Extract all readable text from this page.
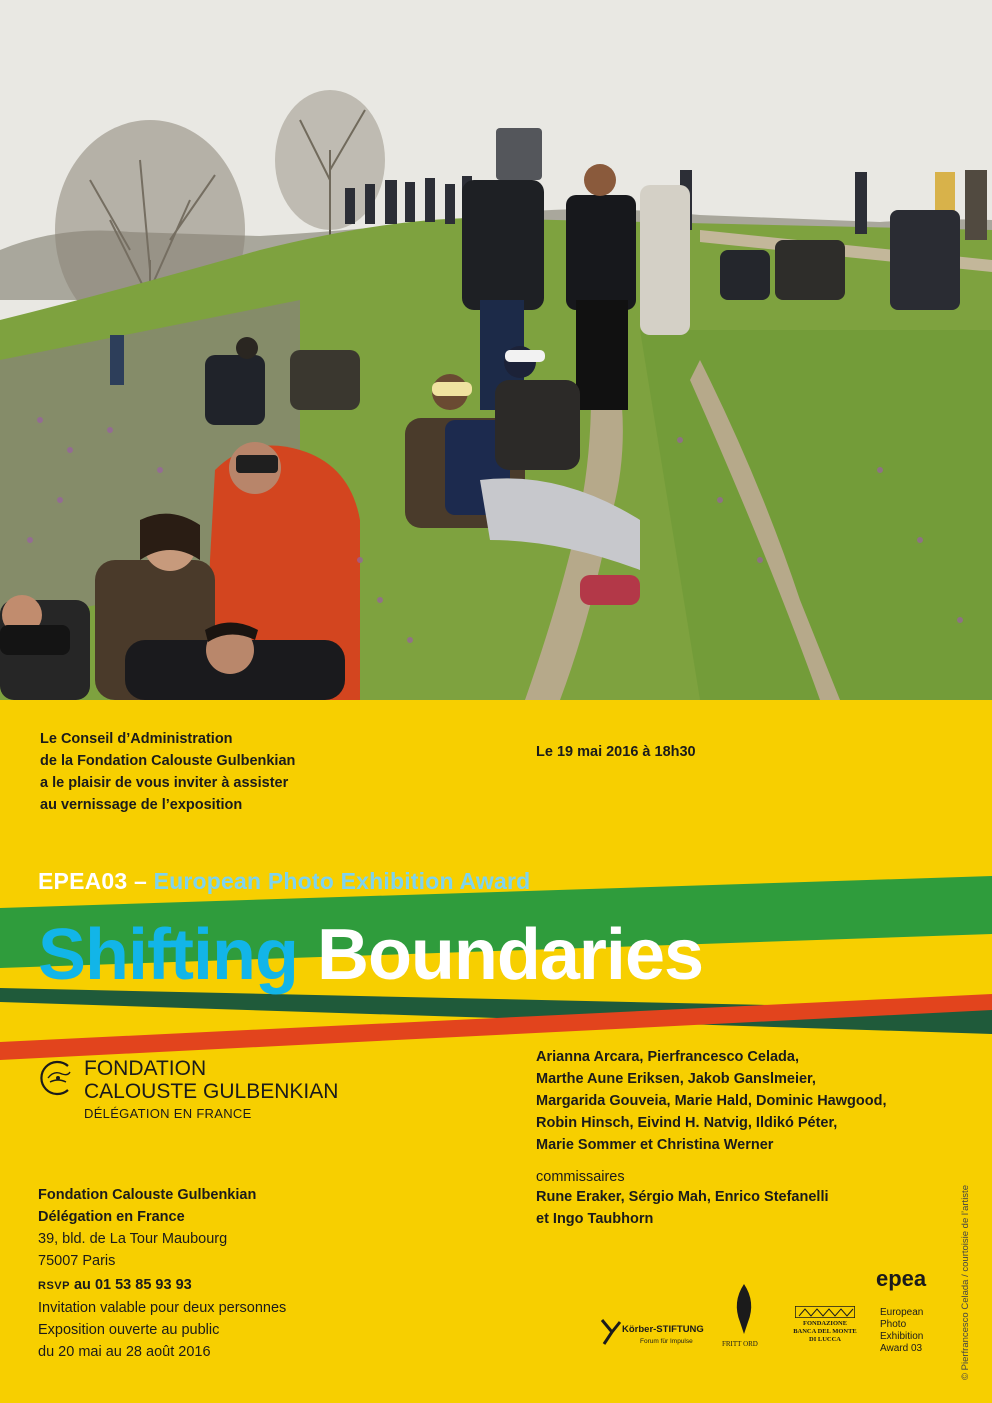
Le Conseil d’Administration
de la Fondation Calouste Gulbenkian
a le plaisir de vous inviter à assister
au vernissage de l’exposition
Le 19 mai 2016 à 18h30
EPEA03 – European Photo Exhibition Award
Shifting Boundaries
FONDATION
CALOUSTE GULBENKIAN
DÉLÉGATION EN FRANCE
Arianna Arcara, Pierfrancesco Celada,
Marthe Aune Eriksen, Jakob Ganslmeier,
Margarida Gouveia, Marie Hald, Dominic Hawgood,
Robin Hinsch, Eivind H. Natvig, Ildikó Péter,
Marie Sommer et Christina Werner
commissaires
Rune Eraker, Sérgio Mah, Enrico Stefanelli
et Ingo Taubhorn
Fondation Calouste Gulbenkian
Délégation en France
39, bld. de La Tour Maubourg
75007 Paris
RSVP au 01 53 85 93 93
Invitation valable pour deux personnes
Exposition ouverte au public
du 20 mai au 28 août 2016
Körber-STIFTUNG
Forum für Impulse	FRITT ORD
FONDAZIONE
BANCA DEL MONTE
DI LUCCA
epea
European
Photo
Exhibition
Award 03	© Pierfrancesco Celada / courtoisie de l’artiste
